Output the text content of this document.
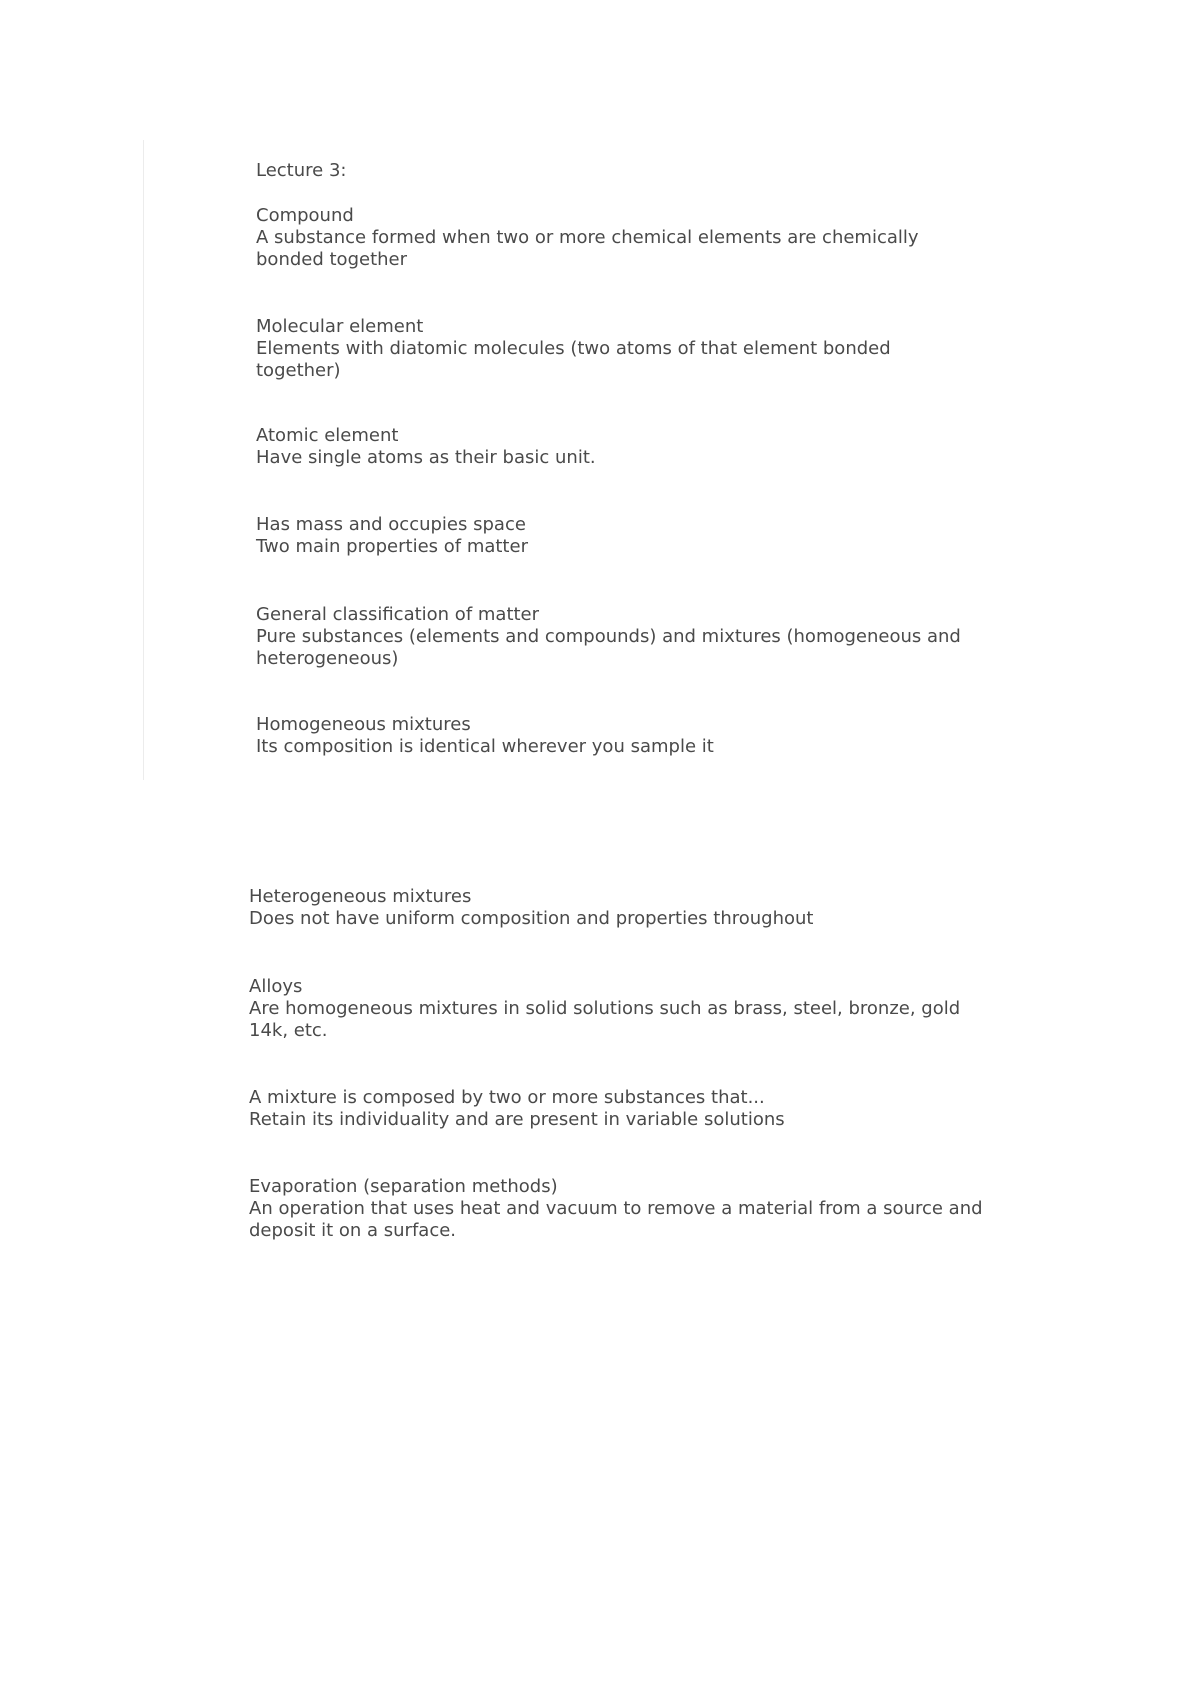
Lecture 3:
Compound
A substance formed when two or more chemical elements are chemically bonded together
Molecular element
Elements with diatomic molecules (two atoms of that element bonded together)
Atomic element
Have single atoms as their basic unit.
Has mass and occupies space
Two main properties of matter
General classification of matter
Pure substances (elements and compounds) and mixtures (homogeneous and heterogeneous)
Homogeneous mixtures
Its composition is identical wherever you sample it
Heterogeneous mixtures
Does not have uniform composition and properties throughout
Alloys
Are homogeneous mixtures in solid solutions such as brass, steel, bronze, gold 14k, etc.
A mixture is composed by two or more substances that...
Retain its individuality and are present in variable solutions
Evaporation (separation methods)
An operation that uses heat and vacuum to remove a material from a source and deposit it on a surface.
